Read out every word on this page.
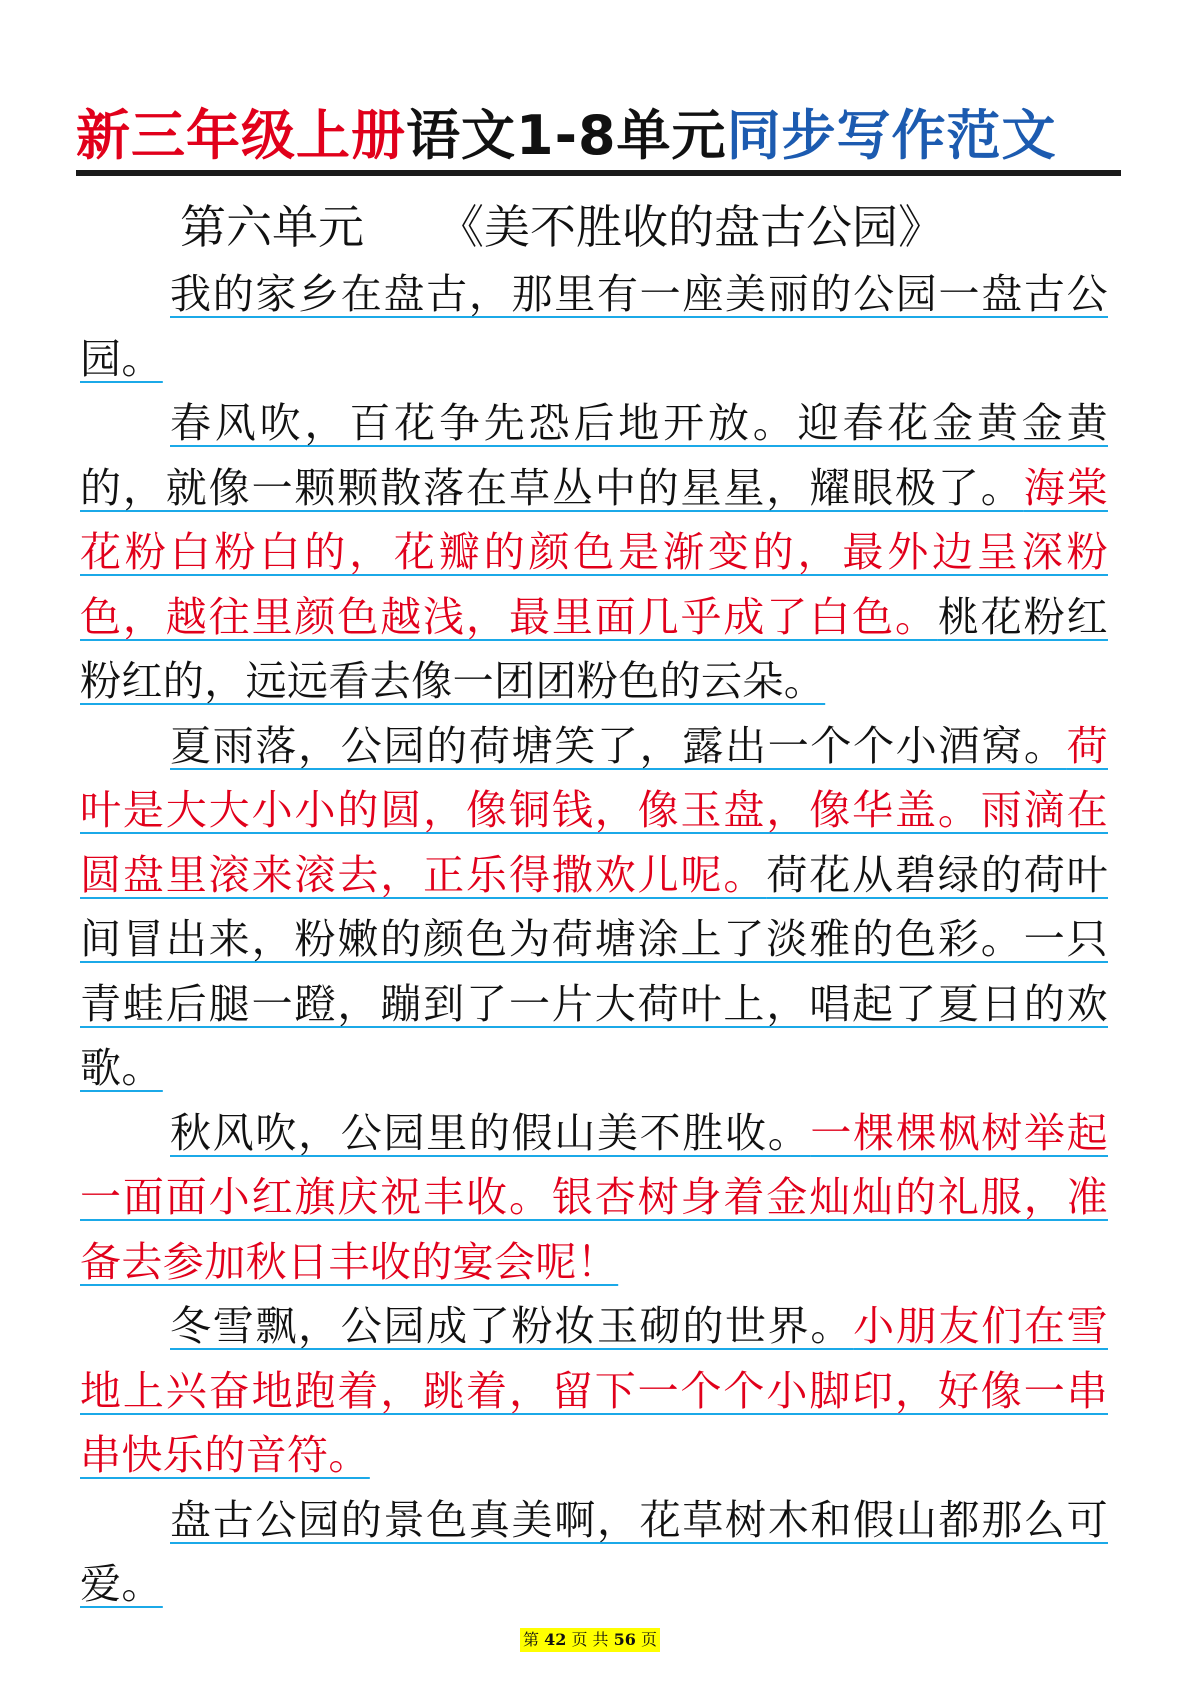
新三年级上册语文1-8单元同步写作范文
第六单元 《美不胜收的盘古公园》
我的家乡在盘古，那里有一座美丽的公园一盘古公园。
春风吹，百花争先恐后地开放。迎春花金黄金黄的，就像一颗颗散落在草丛中的星星，耀眼极了。海棠花粉白粉白的，花瓣的颜色是渐变的，最外边呈深粉色，越往里颜色越浅，最里面几乎成了白色。桃花粉红粉红的，远远看去像一团团粉色的云朵。
夏雨落，公园的荷塘笑了，露出一个个小酒窝。荷叶是大大小小的圆，像铜钱，像玉盘，像华盖。雨滴在圆盘里滚来滚去，正乐得撒欢儿呢。荷花从碧绿的荷叶间冒出来，粉嫩的颜色为荷塘涂上了淡雅的色彩。一只青蛙后腿一蹬，蹦到了一片大荷叶上，唱起了夏日的欢歌。
秋风吹，公园里的假山美不胜收。一棵棵枫树举起一面面小红旗庆祝丰收。银杏树身着金灿灿的礼服，准备去参加秋日丰收的宴会呢！
冬雪飘，公园成了粉妆玉砌的世界。小朋友们在雪地上兴奋地跑着，跳着，留下一个个小脚印，好像一串串快乐的音符。
盘古公园的景色真美啊，花草树木和假山都那么可爱。
第 42 页 共 56 页
